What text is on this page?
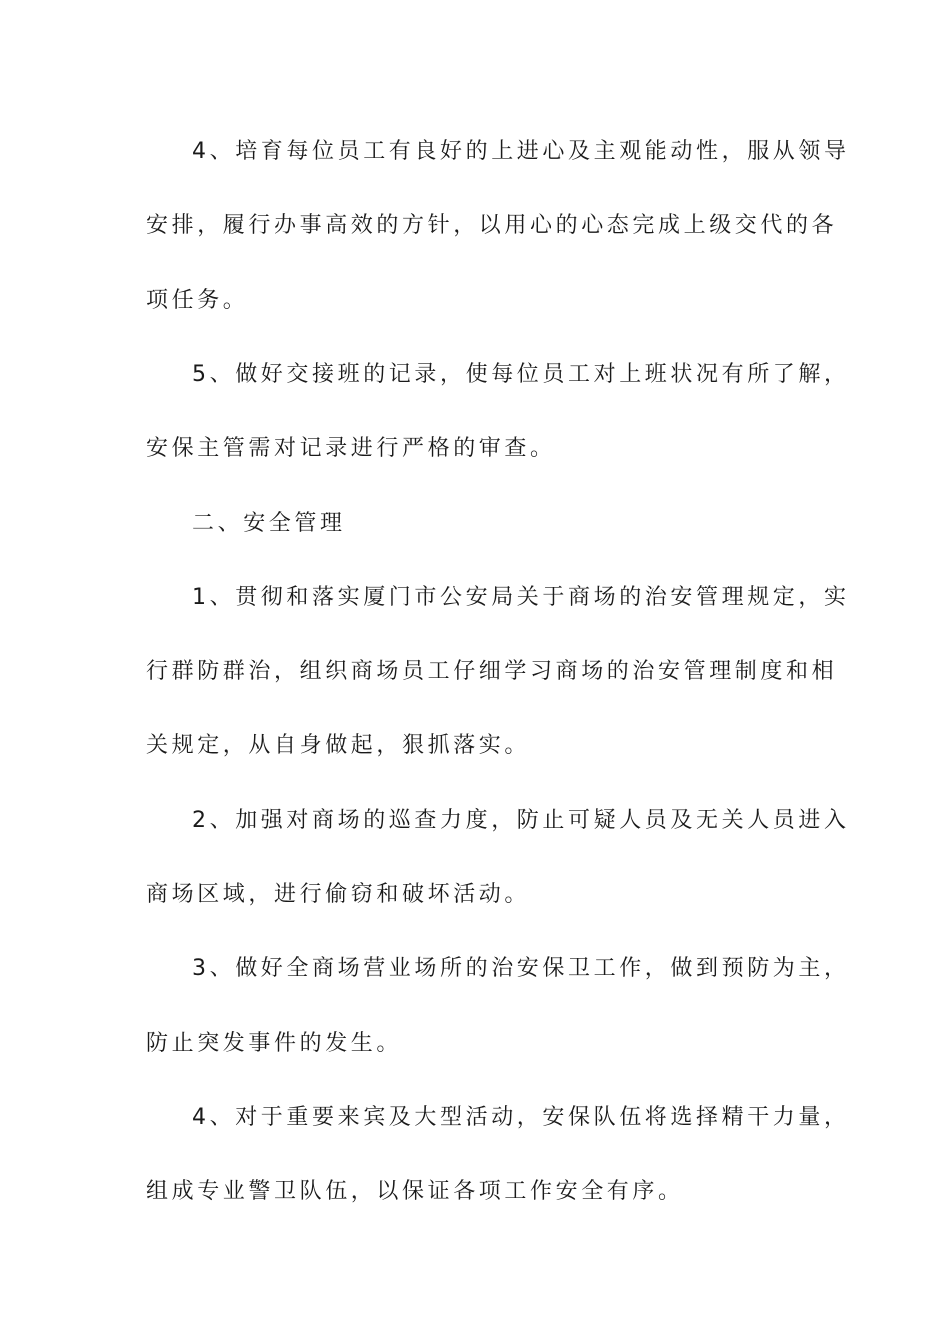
4、培育每位员工有良好的上进心及主观能动性，服从领导

安排，履行办事高效的方针，以用心的心态完成上级交代的各

项任务。

5、做好交接班的记录，使每位员工对上班状况有所了解，

安保主管需对记录进行严格的审查。

二、安全管理

1、贯彻和落实厦门市公安局关于商场的治安管理规定，实

行群防群治，组织商场员工仔细学习商场的治安管理制度和相

关规定，从自身做起，狠抓落实。

2、加强对商场的巡查力度，防止可疑人员及无关人员进入

商场区域，进行偷窃和破坏活动。

3、做好全商场营业场所的治安保卫工作，做到预防为主，

防止突发事件的发生。

4、对于重要来宾及大型活动，安保队伍将选择精干力量，

组成专业警卫队伍，以保证各项工作安全有序。
